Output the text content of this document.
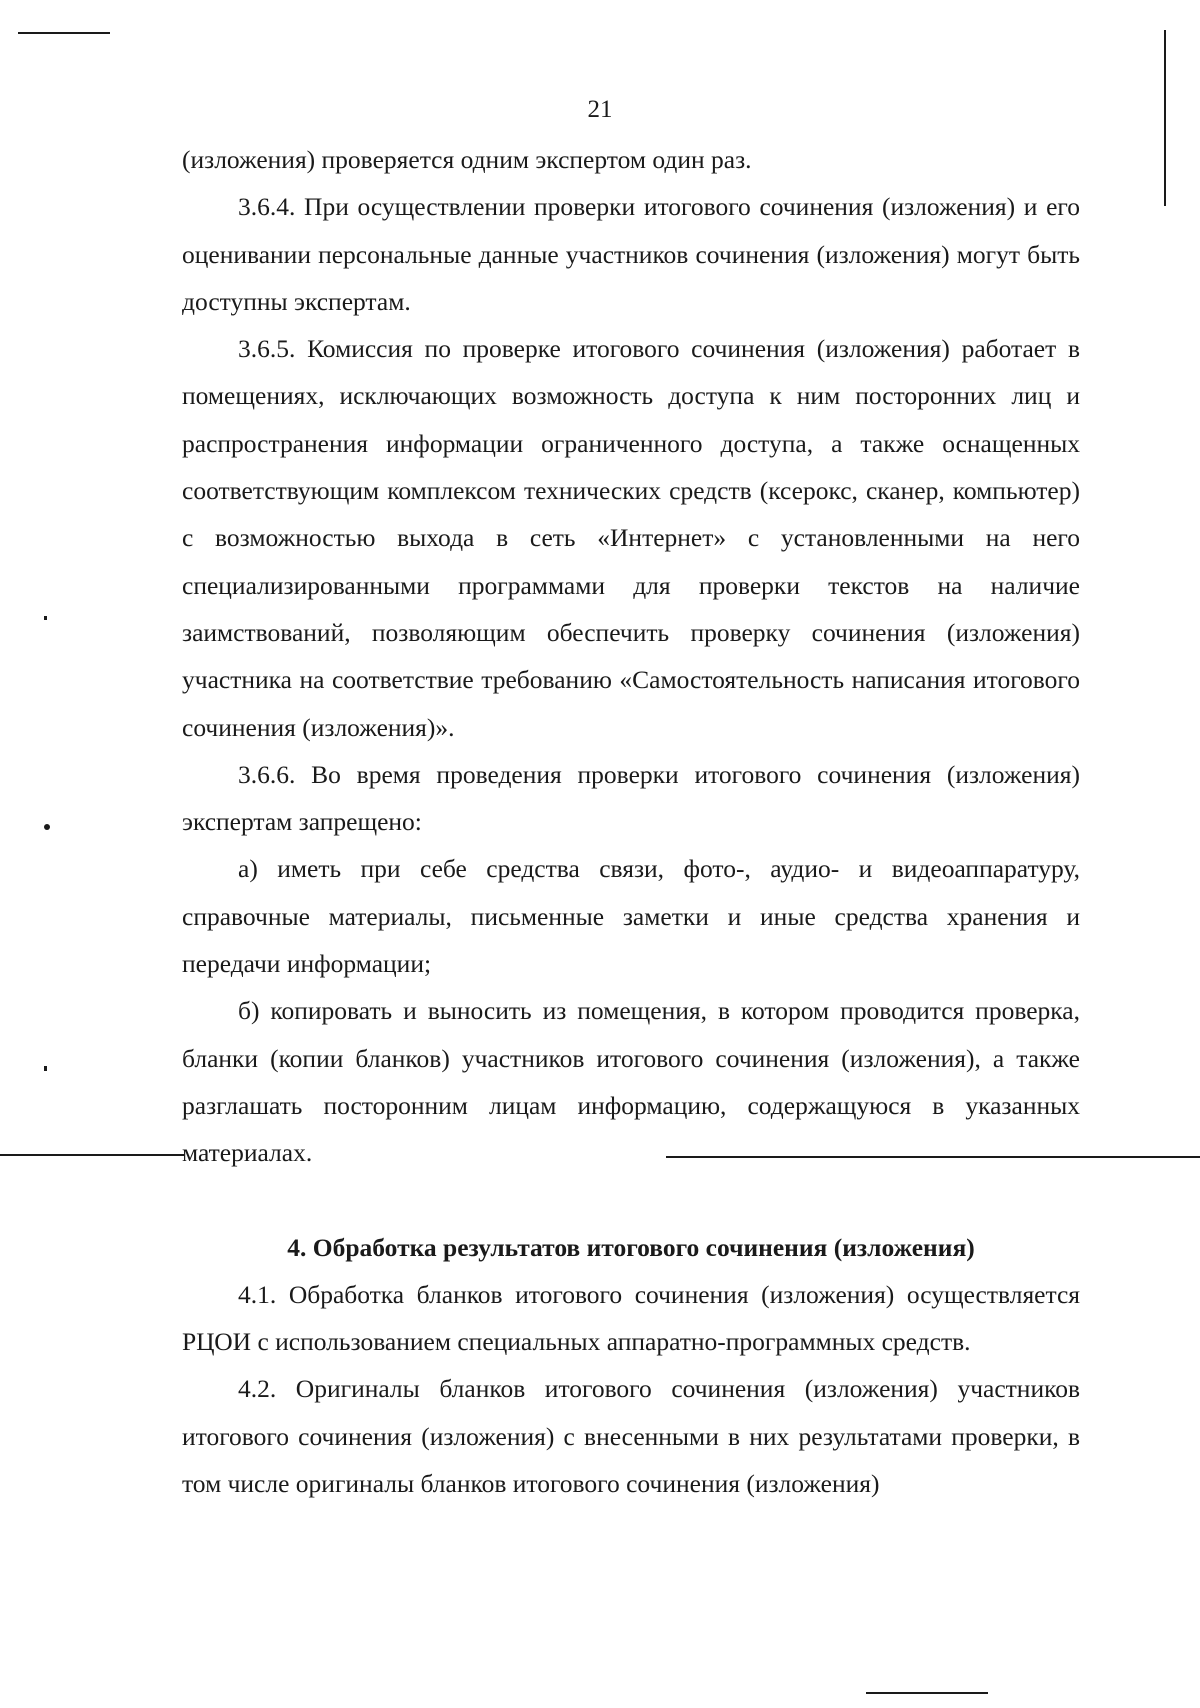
21

(изложения) проверяется одним экспертом один раз.

3.6.4. При осуществлении проверки итогового сочинения (изложения) и его оценивании персональные данные участников сочинения (изложения) могут быть доступны экспертам.

3.6.5. Комиссия по проверке итогового сочинения (изложения) работает в помещениях, исключающих возможность доступа к ним посторонних лиц и распространения информации ограниченного доступа, а также оснащенных соответствующим комплексом технических средств (ксерокс, сканер, компьютер) с возможностью выхода в сеть «Интернет» с установленными на него специализированными программами для проверки текстов на наличие заимствований, позволяющим обеспечить проверку сочинения (изложения) участника на соответствие требованию «Самостоятельность написания итогового сочинения (изложения)».

3.6.6. Во время проведения проверки итогового сочинения (изложения) экспертам запрещено:

а) иметь при себе средства связи, фото-, аудио- и видеоаппаратуру, справочные материалы, письменные заметки и иные средства хранения и передачи информации;

б) копировать и выносить из помещения, в котором проводится проверка, бланки (копии бланков) участников итогового сочинения (изложения), а также разглашать посторонним лицам информацию, содержащуюся в указанных материалах.

4. Обработка результатов итогового сочинения (изложения)

4.1. Обработка бланков итогового сочинения (изложения) осуществляется РЦОИ с использованием специальных аппаратно-программных средств.

4.2. Оригиналы бланков итогового сочинения (изложения) участников итогового сочинения (изложения) с внесенными в них результатами проверки, в том числе оригиналы бланков итогового сочинения (изложения)
